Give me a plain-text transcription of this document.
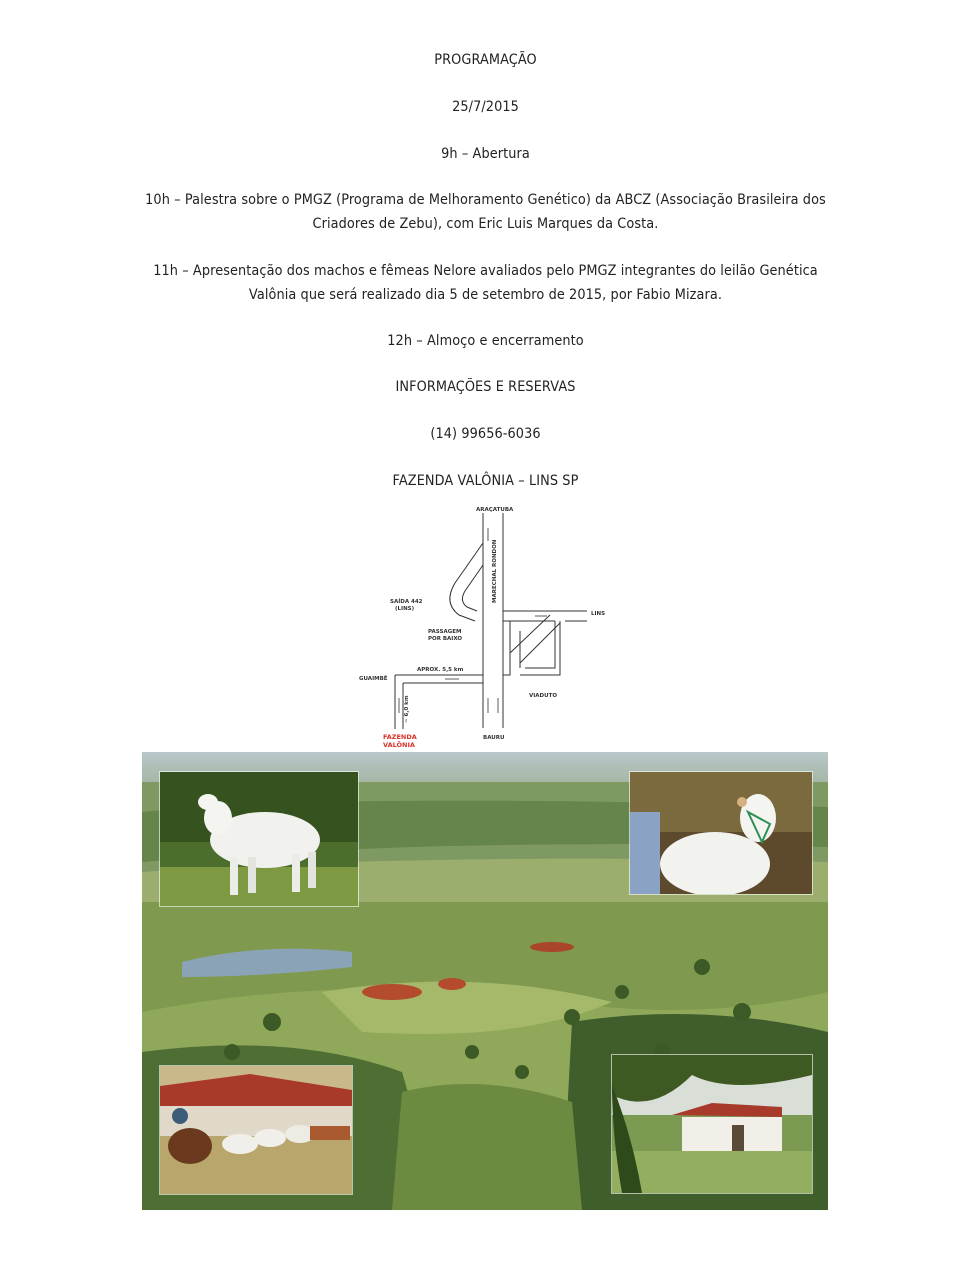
PROGRAMAÇÃO
25/7/2015
9h – Abertura
10h – Palestra sobre o PMGZ (Programa de Melhoramento Genético) da ABCZ (Associação Brasileira dos
Criadores de Zebu), com Eric Luis Marques da Costa.
11h – Apresentação dos machos e fêmeas Nelore avaliados pelo PMGZ integrantes do leilão Genética
Valônia que será realizado dia 5 de setembro de 2015, por Fabio Mizara.
12h – Almoço e encerramento
INFORMAÇÕES E RESERVAS
(14) 99656-6036
FAZENDA VALÔNIA – LINS SP
ARAÇATUBA
MARECHAL RONDON
SAÍDA 442
(LINS)
LINS
PASSAGEM
POR BAIXO
APROX. 5,5 km
GUAIMBÊ
~ 6,0 km	VIADUTO
BAURU
FAZENDA
VALÔNIA
